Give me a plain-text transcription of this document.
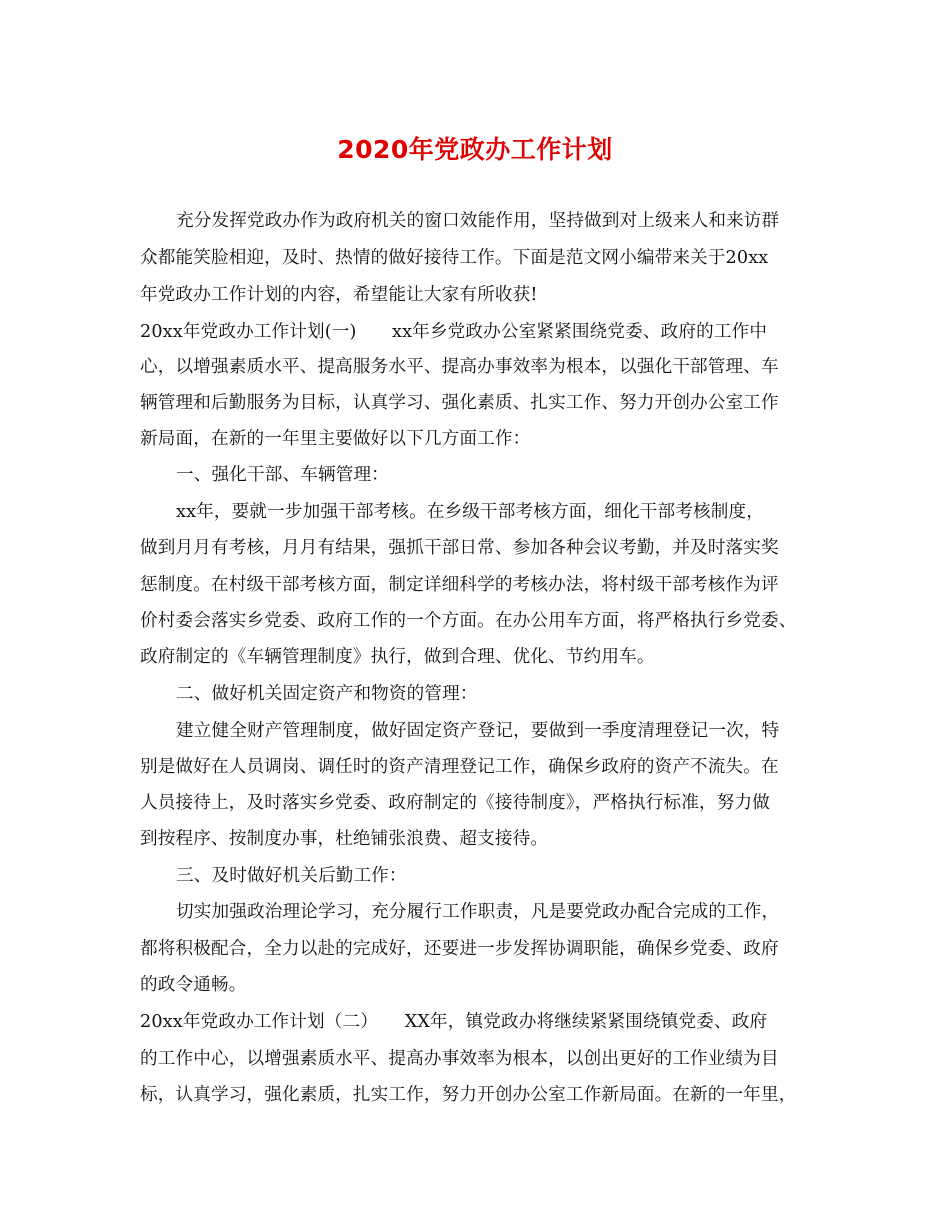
2020年党政办工作计划
充分发挥党政办作为政府机关的窗口效能作用，坚持做到对上级来人和来访群
众都能笑脸相迎，及时、热情的做好接待工作。下面是范文网小编带来关于20xx
年党政办工作计划的内容，希望能让大家有所收获!
20xx年党政办工作计划(一)　　xx年乡党政办公室紧紧围绕党委、政府的工作中
心，以增强素质水平、提高服务水平、提高办事效率为根本，以强化干部管理、车
辆管理和后勤服务为目标，认真学习、强化素质、扎实工作、努力开创办公室工作
新局面，在新的一年里主要做好以下几方面工作：
一、强化干部、车辆管理：
xx年，要就一步加强干部考核。在乡级干部考核方面，细化干部考核制度，
做到月月有考核，月月有结果，强抓干部日常、参加各种会议考勤，并及时落实奖
惩制度。在村级干部考核方面，制定详细科学的考核办法，将村级干部考核作为评
价村委会落实乡党委、政府工作的一个方面。在办公用车方面，将严格执行乡党委、
政府制定的《车辆管理制度》执行，做到合理、优化、节约用车。
二、做好机关固定资产和物资的管理：
建立健全财产管理制度，做好固定资产登记，要做到一季度清理登记一次，特
别是做好在人员调岗、调任时的资产清理登记工作，确保乡政府的资产不流失。在
人员接待上，及时落实乡党委、政府制定的《接待制度》，严格执行标准，努力做
到按程序、按制度办事，杜绝铺张浪费、超支接待。
三、及时做好机关后勤工作：
切实加强政治理论学习，充分履行工作职责，凡是要党政办配合完成的工作，
都将积极配合，全力以赴的完成好，还要进一步发挥协调职能，确保乡党委、政府
的政令通畅。
20xx年党政办工作计划（二）　　XX年，镇党政办将继续紧紧围绕镇党委、政府
的工作中心，以增强素质水平、提高办事效率为根本，以创出更好的工作业绩为目
标，认真学习，强化素质，扎实工作，努力开创办公室工作新局面。在新的一年里，
